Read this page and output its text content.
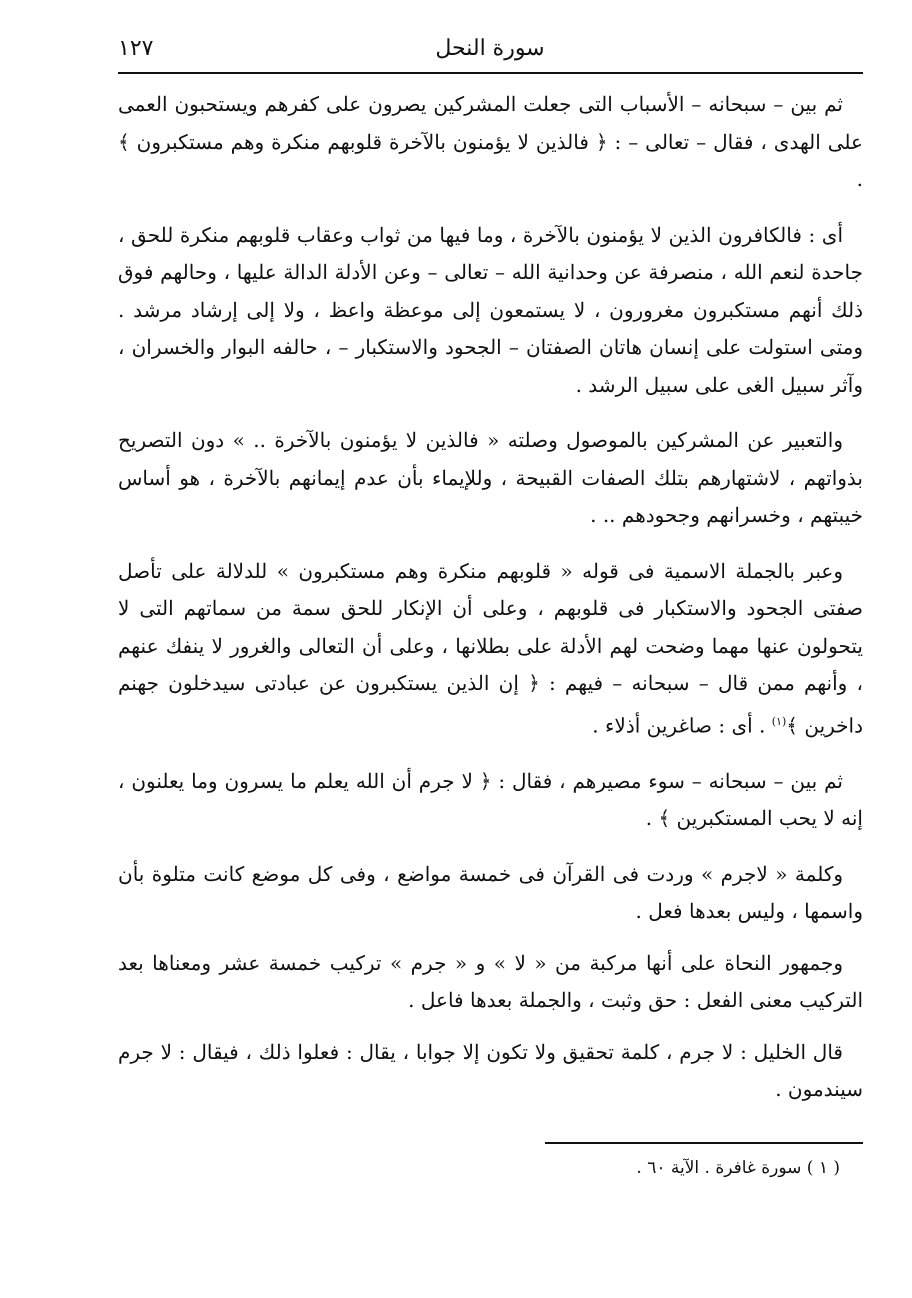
سورة النحل
١٢٧

ثم بين – سبحانه – الأسباب التى جعلت المشركين يصرون على كفرهم ويستحبون العمى على الهدى ، فقال – تعالى – : ﴿ فالذين لا يؤمنون بالآخرة قلوبهم منكرة وهم مستكبرون ﴾ .

أى : فالكافرون الذين لا يؤمنون بالآخرة ، وما فيها من ثواب وعقاب قلوبهم منكرة للحق ، جاحدة لنعم الله ، منصرفة عن وحدانية الله – تعالى – وعن الأدلة الدالة عليها ، وحالهم فوق ذلك أنهم مستكبرون مغرورون ، لا يستمعون إلى موعظة واعظ ، ولا إلى إرشاد مرشد . ومتى استولت على إنسان هاتان الصفتان – الجحود والاستكبار – ، حالفه البوار والخسران ، وآثر سبيل الغى على سبيل الرشد .

والتعبير عن المشركين بالموصول وصلته « فالذين لا يؤمنون بالآخرة .. » دون التصريح بذواتهم ، لاشتهارهم بتلك الصفات القبيحة ، وللإيماء بأن عدم إيمانهم بالآخرة ، هو أساس خيبتهم ، وخسرانهم وجحودهم .. .

وعبر بالجملة الاسمية فى قوله « قلوبهم منكرة وهم مستكبرون » للدلالة على تأصل صفتى الجحود والاستكبار فى قلوبهم ، وعلى أن الإنكار للحق سمة من سماتهم التى لا يتحولون عنها مهما وضحت لهم الأدلة على بطلانها ، وعلى أن التعالى والغرور لا ينفك عنهم ، وأنهم ممن قال – سبحانه – فيهم : ﴿ إن الذين يستكبرون عن عبادتى سيدخلون جهنم داخرين ﴾$^{(١)}$ . أى : صاغرين أذلاء .

ثم بين – سبحانه – سوء مصيرهم ، فقال : ﴿ لا جرم أن الله يعلم ما يسرون وما يعلنون ، إنه لا يحب المستكبرين ﴾ .

وكلمة « لاجرم » وردت فى القرآن فى خمسة مواضع ، وفى كل موضع كانت متلوة بأن واسمها ، وليس بعدها فعل .

وجمهور النحاة على أنها مركبة من « لا » و « جرم » تركيب خمسة عشر ومعناها بعد التركيب معنى الفعل : حق وثبت ، والجملة بعدها فاعل .

قال الخليل : لا جرم ، كلمة تحقيق ولا تكون إلا جوابا ، يقال : فعلوا ذلك ، فيقال : لا جرم سيندمون .

( ١ ) سورة غافرة . الآية ٦٠ .
